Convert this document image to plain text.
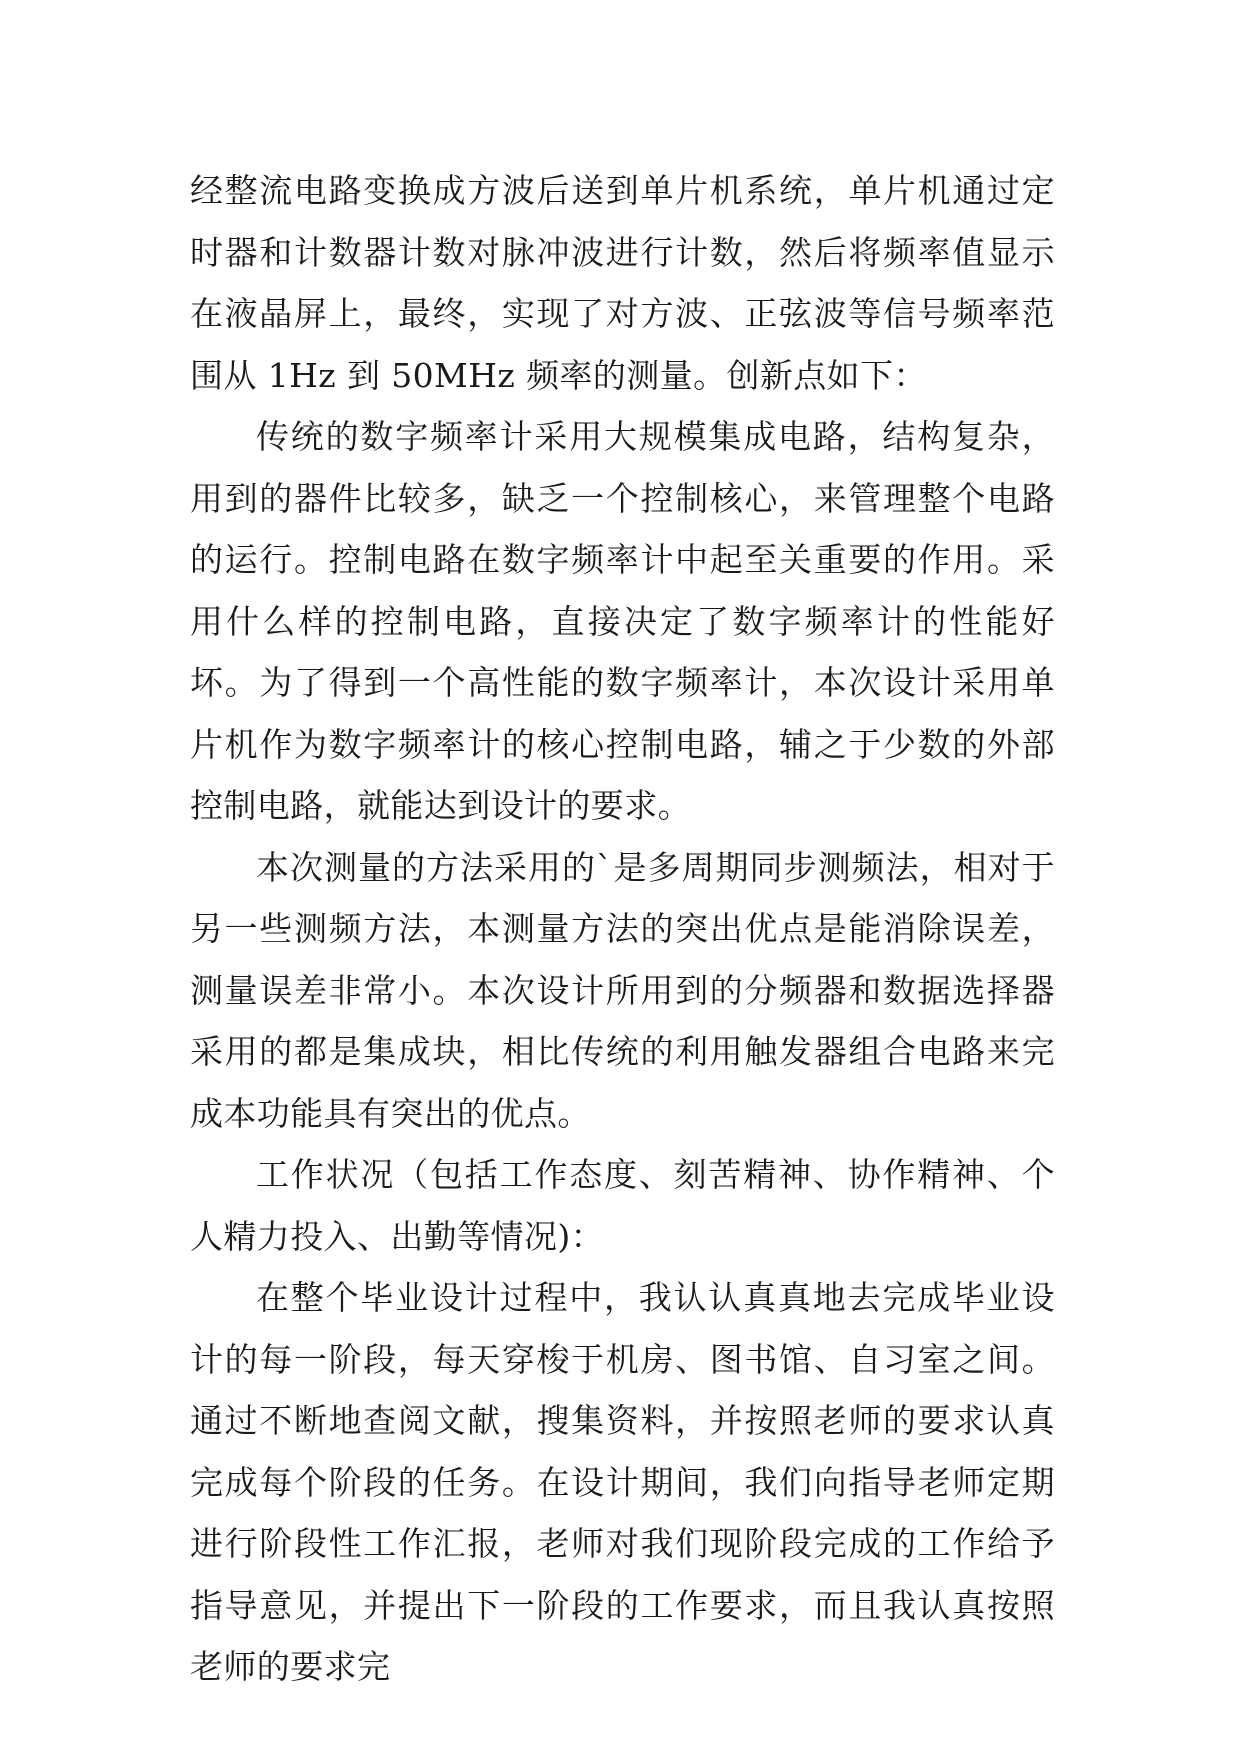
经整流电路变换成方波后送到单片机系统，单片机通过定时器和计数器计数对脉冲波进行计数，然后将频率值显示在液晶屏上，最终，实现了对方波、正弦波等信号频率范围从 1Hz 到 50MHz 频率的测量。创新点如下：

传统的数字频率计采用大规模集成电路，结构复杂，用到的器件比较多，缺乏一个控制核心，来管理整个电路的运行。控制电路在数字频率计中起至关重要的作用。采用什么样的控制电路，直接决定了数字频率计的性能好坏。为了得到一个高性能的数字频率计，本次设计采用单片机作为数字频率计的核心控制电路，辅之于少数的外部控制电路，就能达到设计的要求。

本次测量的方法采用的`是多周期同步测频法，相对于另一些测频方法，本测量方法的突出优点是能消除误差，测量误差非常小。本次设计所用到的分频器和数据选择器采用的都是集成块，相比传统的利用触发器组合电路来完成本功能具有突出的优点。

工作状况（包括工作态度、刻苦精神、协作精神、个人精力投入、出勤等情况)：

在整个毕业设计过程中，我认认真真地去完成毕业设计的每一阶段，每天穿梭于机房、图书馆、自习室之间。通过不断地查阅文献，搜集资料，并按照老师的要求认真完成每个阶段的任务。在设计期间，我们向指导老师定期进行阶段性工作汇报，老师对我们现阶段完成的工作给予指导意见，并提出下一阶段的工作要求，而且我认真按照老师的要求完
